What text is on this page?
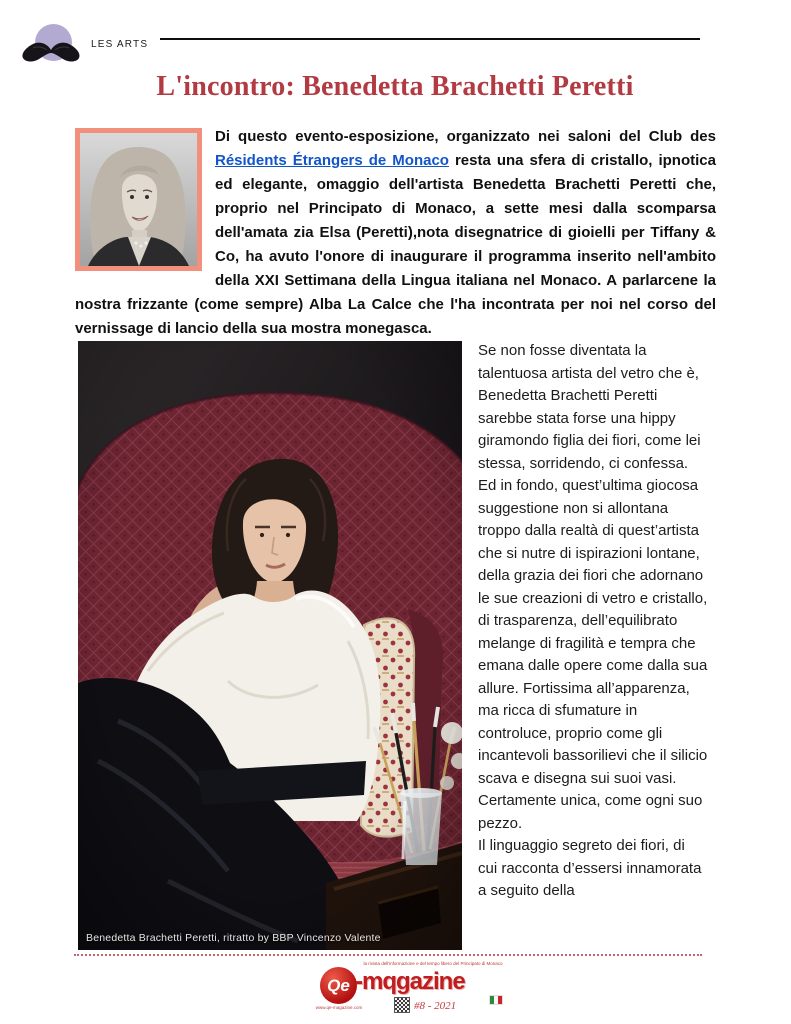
LES ARTS
L'incontro: Benedetta Brachetti Peretti

Di questo evento-esposizione, organizzato nei saloni del Club des Résidents Étrangers de Monaco resta una sfera di cristallo, ipnotica ed elegante, omaggio dell'artista Benedetta Brachetti Peretti che, proprio nel Principato di Monaco, a sette mesi dalla scomparsa dell'amata zia Elsa (Peretti),nota disegnatrice di gioielli per Tiffany & Co, ha avuto l'onore di inaugurare il programma inserito nell'ambito della XXI Settimana della Lingua italiana nel Monaco. A parlarcene la nostra frizzante (come sempre) Alba La Calce che l'ha incontrata per noi nel corso del vernissage di lancio della sua mostra monegasca.

Benedetta Brachetti Peretti, ritratto by BBP Vincenzo Valente

Se non fosse diventata la talentuosa artista del vetro che è, Benedetta Brachetti Peretti sarebbe stata forse una hippy giramondo figlia dei fiori, come lei stessa, sorridendo, ci confessa. Ed in fondo, quest’ultima giocosa suggestione non si allontana troppo dalla realtà di quest’artista che si nutre di ispirazioni lontane, della grazia dei fiori che adornano le sue creazioni di vetro e cristallo, di trasparenza, dell’equilibrato melange di fragilità e tempra che emana dalle opere come dalla sua allure. Fortissima all’apparenza, ma ricca di sfumature in controluce, proprio come gli incantevoli bassorilievi che il silicio scava e disegna sui suoi vasi. Certamente unica, come ogni suo pezzo.

Il linguaggio segreto dei fiori, di cui racconta d’essersi innamorata a seguito della

la rivista dell'informazione e del tempo libero del Principato di Monaco
Qe -mqgazine
www.qe-magazine.com	#8 - 2021
